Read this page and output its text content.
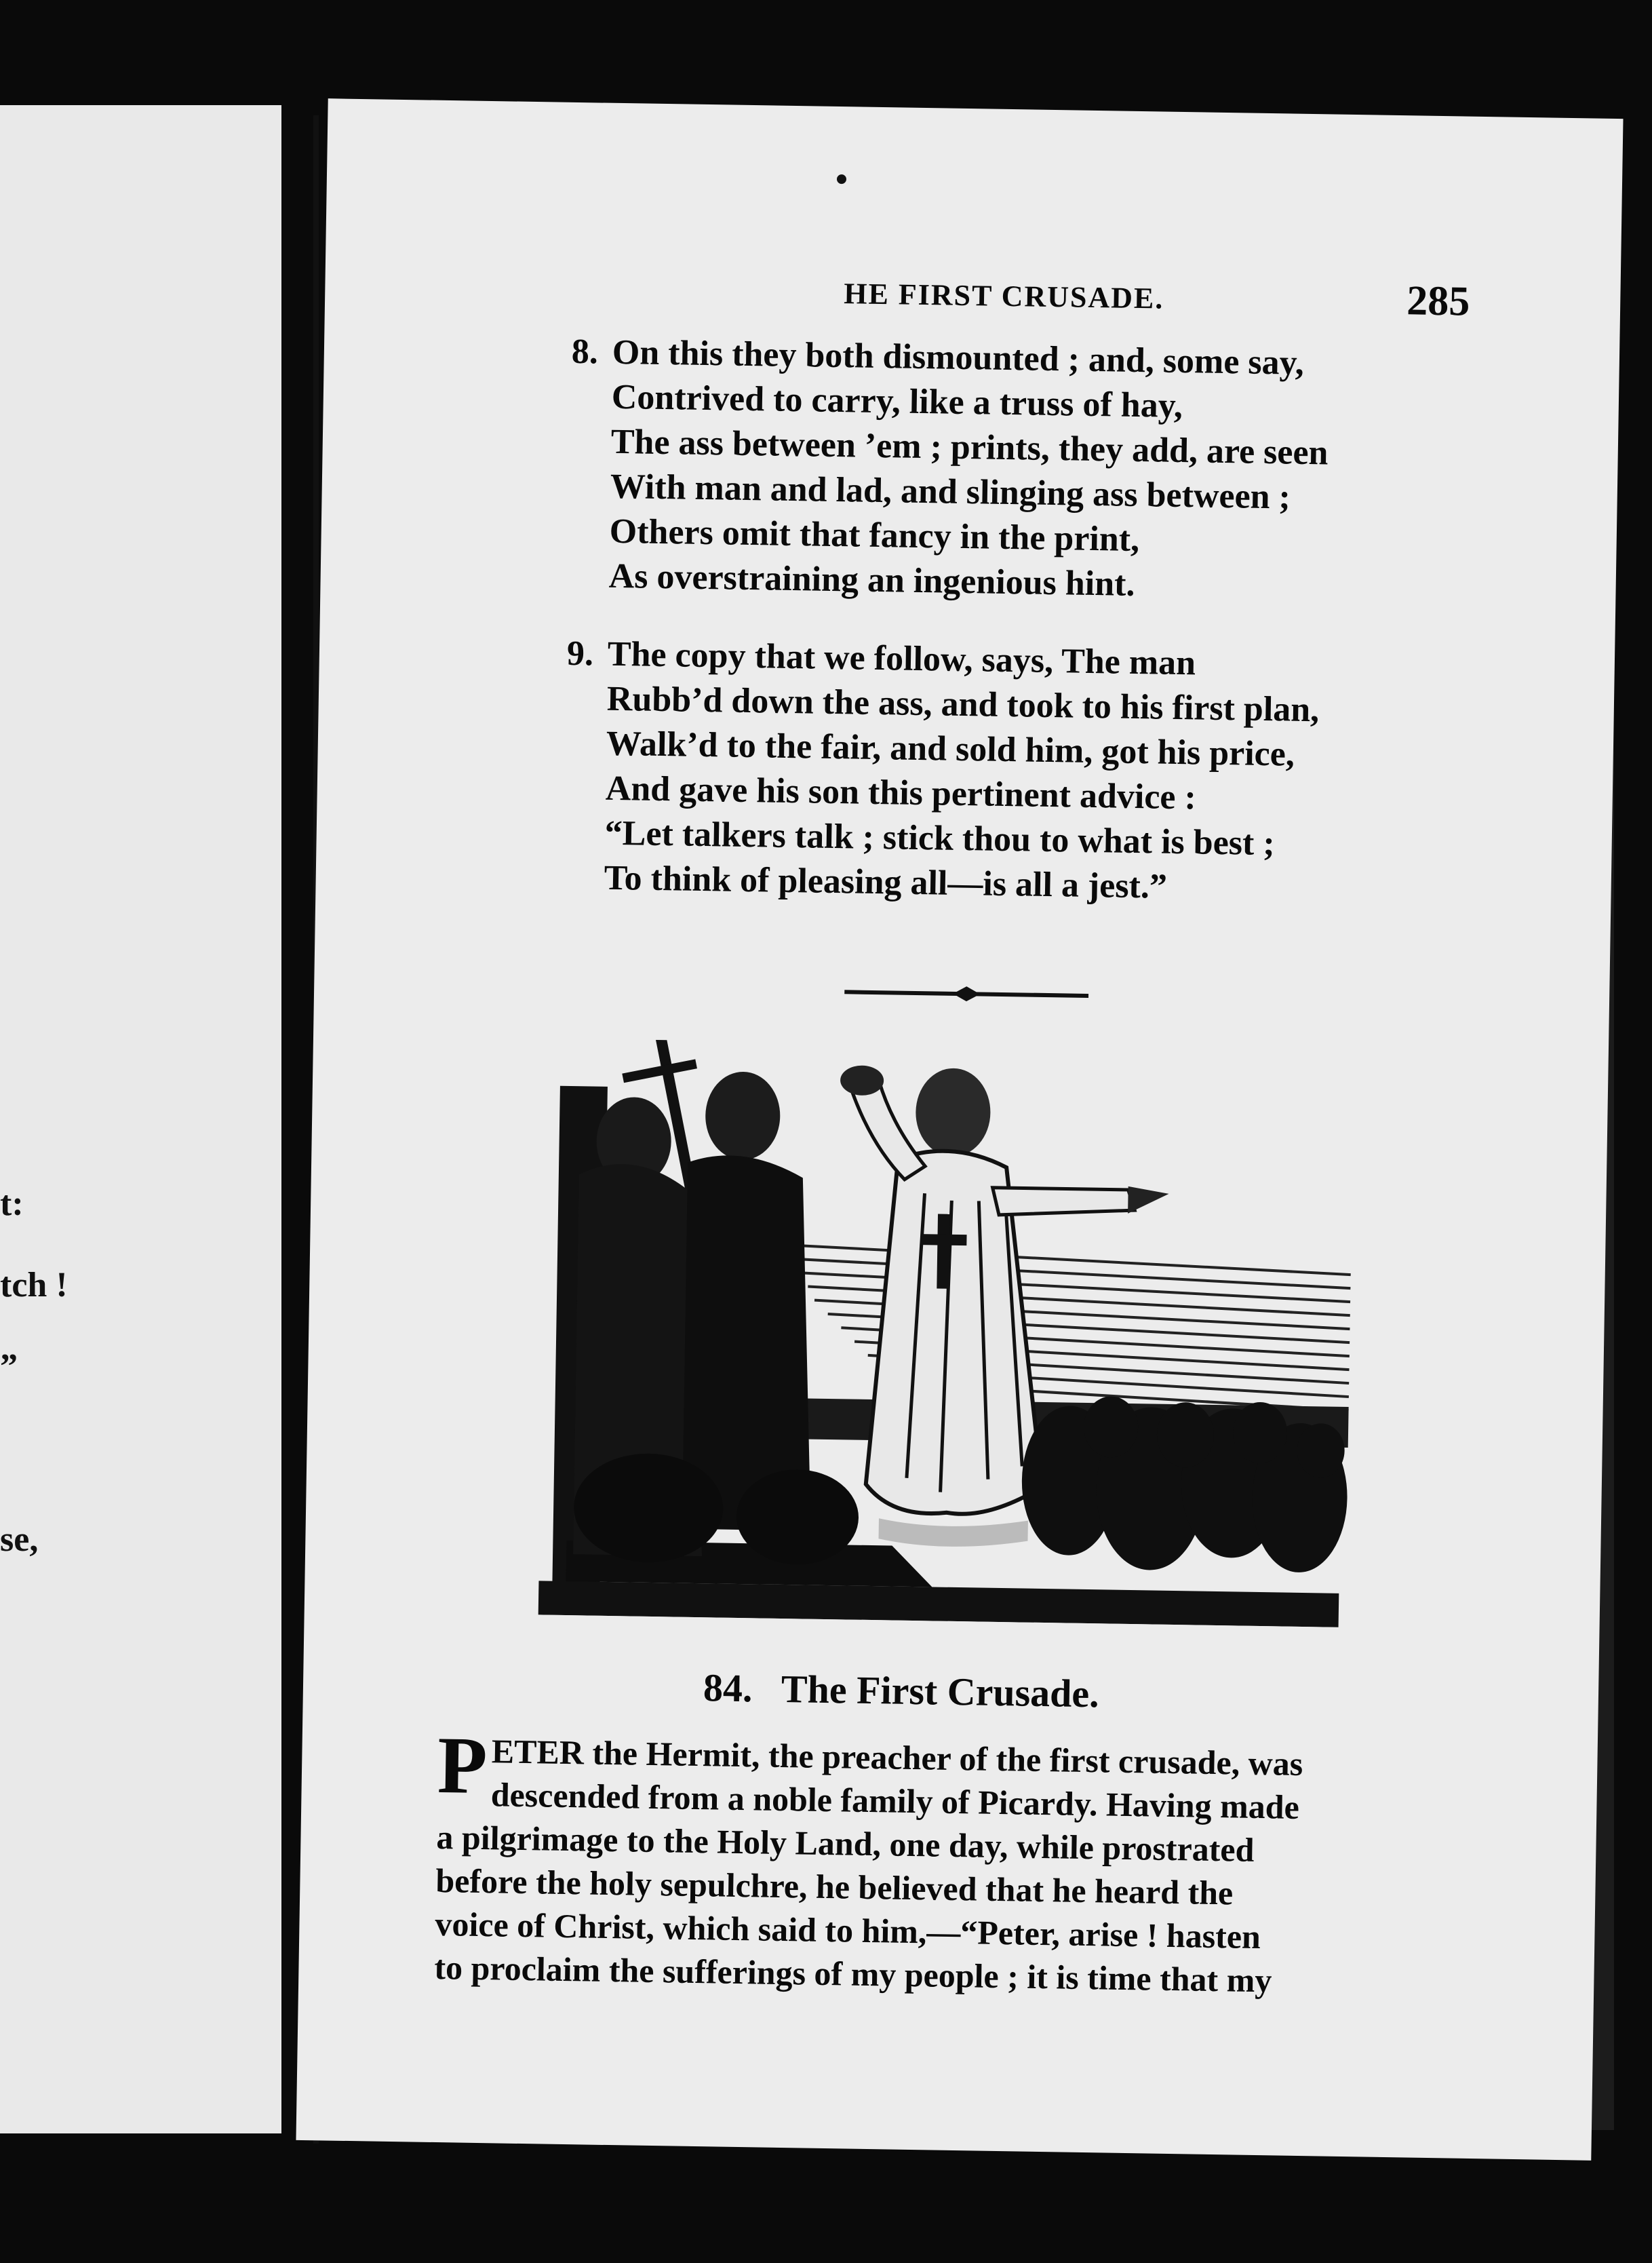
t:
tch !
”
se,
HE FIRST CRUSADE.	285
8. On this they both dismounted ; and, some say,
Contrived to carry, like a truss of hay,
The ass between ’em ; prints, they add, are seen
With man and lad, and slinging ass between ;
Others omit that fancy in the print,
As overstraining an ingenious hint.
9. The copy that we follow, says, The man
Rubb’d down the ass, and took to his first plan,
Walk’d to the fair, and sold him, got his price,
And gave his son this pertinent advice :
“Let talkers talk ; stick thou to what is best ;
To think of pleasing all—is all a jest.”
84. The First Crusade.
P ETER the Hermit, the preacher of the first crusade, was
descended from a noble family of Picardy. Having made
a pilgrimage to the Holy Land, one day, while prostrated
before the holy sepulchre, he believed that he heard the
voice of Christ, which said to him,—“Peter, arise ! hasten
to proclaim the sufferings of my people ; it is time that my
